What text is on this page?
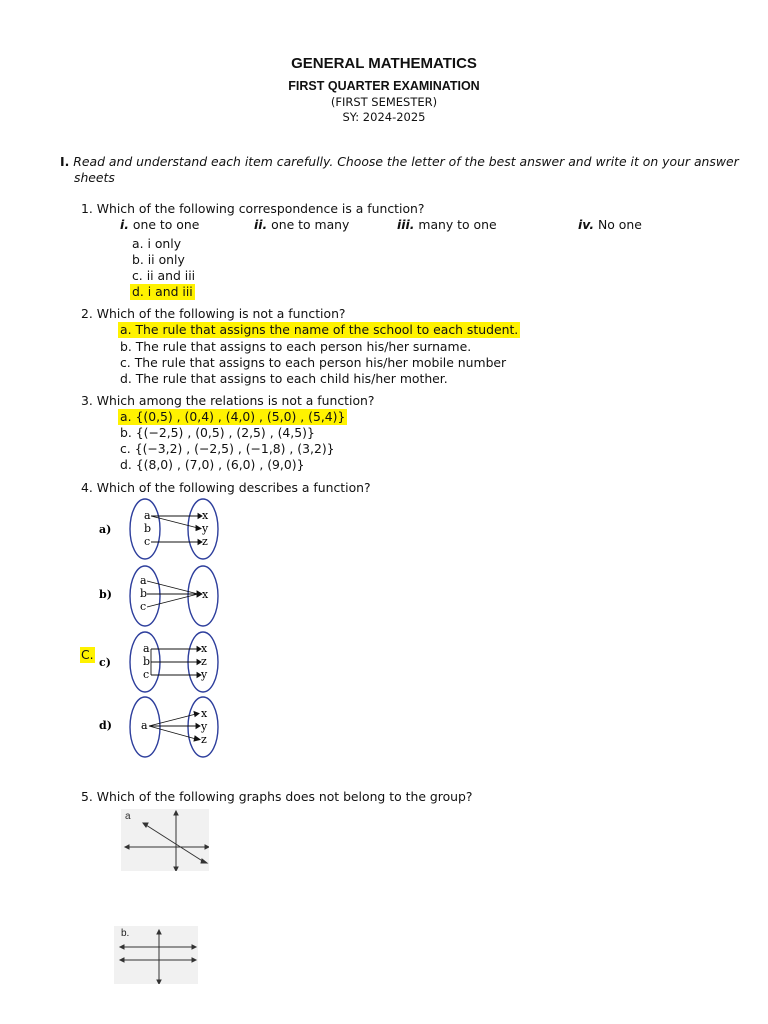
GENERAL MATHEMATICS
FIRST QUARTER EXAMINATION
(FIRST SEMESTER)
SY: 2024-2025
I. Read and understand each item carefully. Choose the letter of the best answer and write it on your answer
sheets
1. Which of the following correspondence is a function?
i. one to one	ii. one to many	iii. many to one	iv. No one
a. i only
b. ii only
c. ii and iii
d. i and iii
2. Which of the following is not a function?
a. The rule that assigns the name of the school to each student.
b. The rule that assigns to each person his/her surname.
c. The rule that assigns to each person his/her mobile number
d. The rule that assigns to each child his/her mother.
3. Which among the relations is not a function?
a. {(0,5) , (0,4) , (4,0) , (5,0) , (5,4)}
b. {(−2,5) , (0,5) , (2,5) , (4,5)}
c. {(−3,2) , (−2,5) , (−1,8) , (3,2)}
d. {(8,0) , (7,0) , (6,0) , (9,0)}
4. Which of the following describes a function?
a)
a
b
c
x
y
z
b)
a
b
c
x
C.
c)
a
b
c
x
z
y
d)	a
x
y
z
5. Which of the following graphs does not belong to the group?
a
b.
